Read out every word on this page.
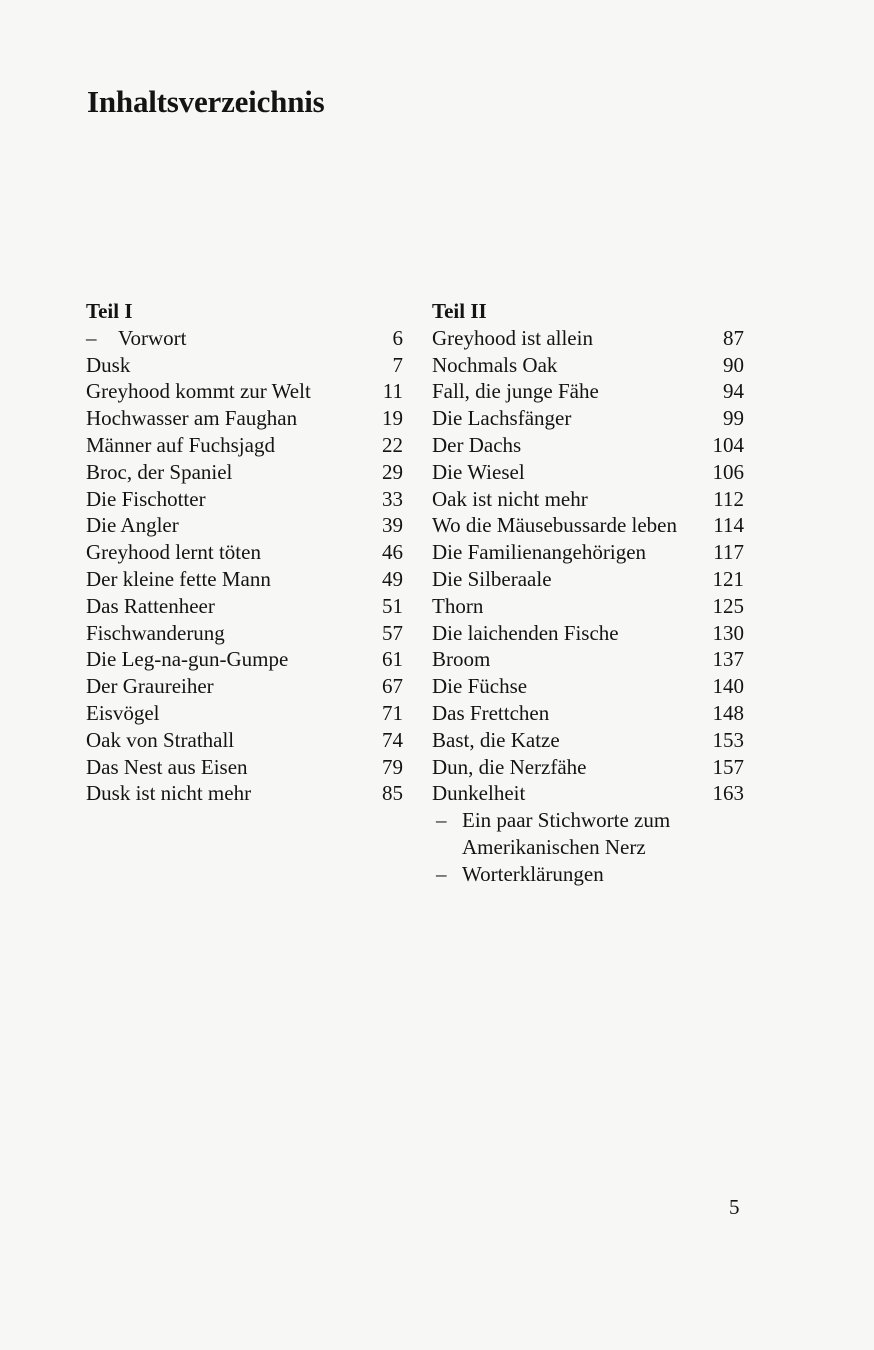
Inhaltsverzeichnis
Teil I
– Vorwort	6
Dusk	7
Greyhood kommt zur Welt	11
Hochwasser am Faughan	19
Männer auf Fuchsjagd	22
Broc, der Spaniel	29
Die Fischotter	33
Die Angler	39
Greyhood lernt töten	46
Der kleine fette Mann	49
Das Rattenheer	51
Fischwanderung	57
Die Leg-na-gun-Gumpe	61
Der Graureiher	67
Eisvögel	71
Oak von Strathall	74
Das Nest aus Eisen	79
Dusk ist nicht mehr	85
Teil II
Greyhood ist allein	87
Nochmals Oak	90
Fall, die junge Fähe	94
Die Lachsfänger	99
Der Dachs	104
Die Wiesel	106
Oak ist nicht mehr	112
Wo die Mäusebussarde leben 114
Die Familienangehörigen	117
Die Silberaale	121
Thorn	125
Die laichenden Fische	130
Broom	137
Die Füchse	140
Das Frettchen	148
Bast, die Katze	153
Dun, die Nerzfähe	157
Dunkelheit	163
– Ein paar Stichworte zum Amerikanischen Nerz
– Worterklärungen
5
